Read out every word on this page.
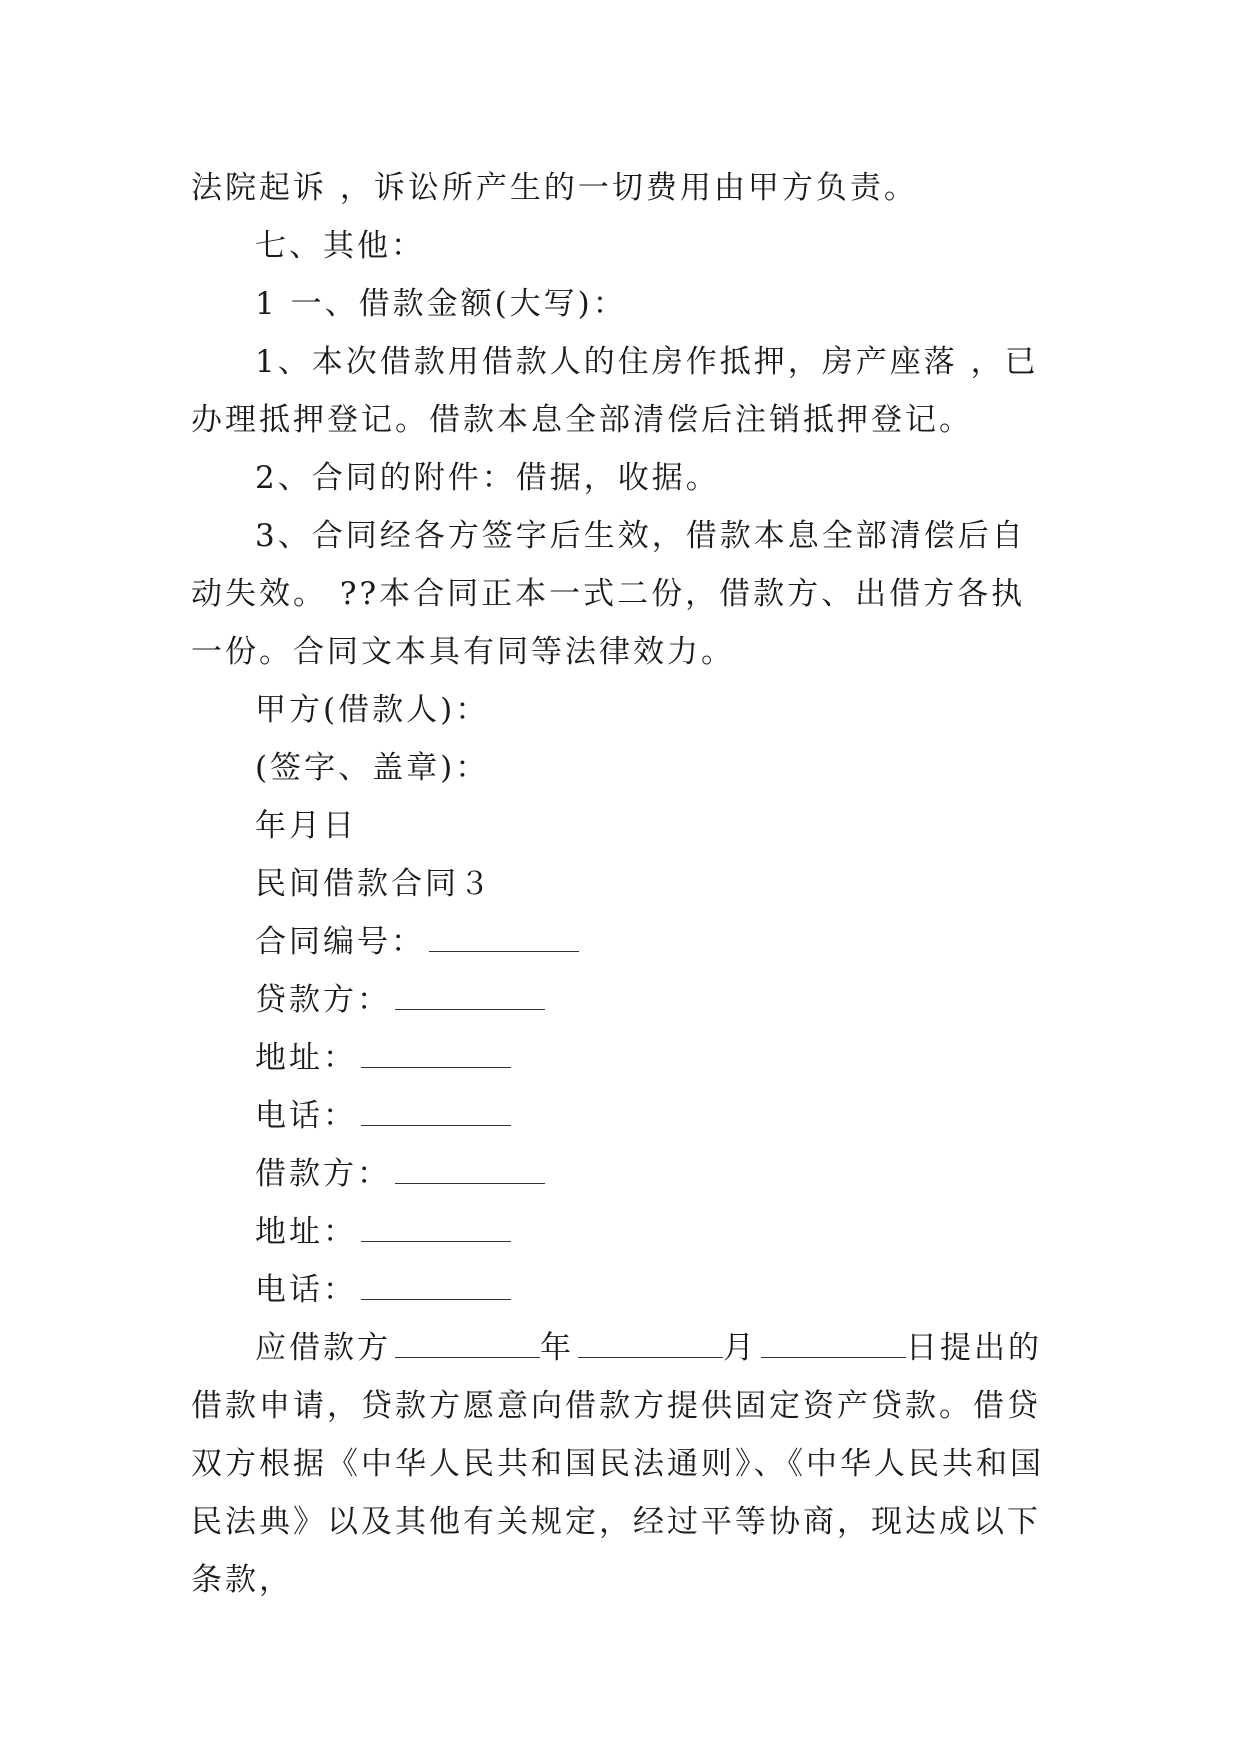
法院起诉 ，诉讼所产生的一切费用由甲方负责。

七、其他：

1 一、借款金额(大写)：

1、本次借款用借款人的住房作抵押，房产座落 ，已办理抵押登记。借款本息全部清偿后注销抵押登记。

2、合同的附件：借据，收据。

3、合同经各方签字后生效，借款本息全部清偿后自动失效。 ??本合同正本一式二份，借款方、出借方各执一份。合同文本具有同等法律效力。

甲方(借款人)：

(签字、盖章)：

年月日

民间借款合同３

合同编号：

贷款方：

地址：

电话：

借款方：

地址：

电话：

应借款方	年	月	日提出的借款申请，贷款方愿意向借款方提供固定资产贷款。借贷双方根据《中华人民共和国民法通则》、《中华人民共和国民法典》以及其他有关规定，经过平等协商，现达成以下条款，
